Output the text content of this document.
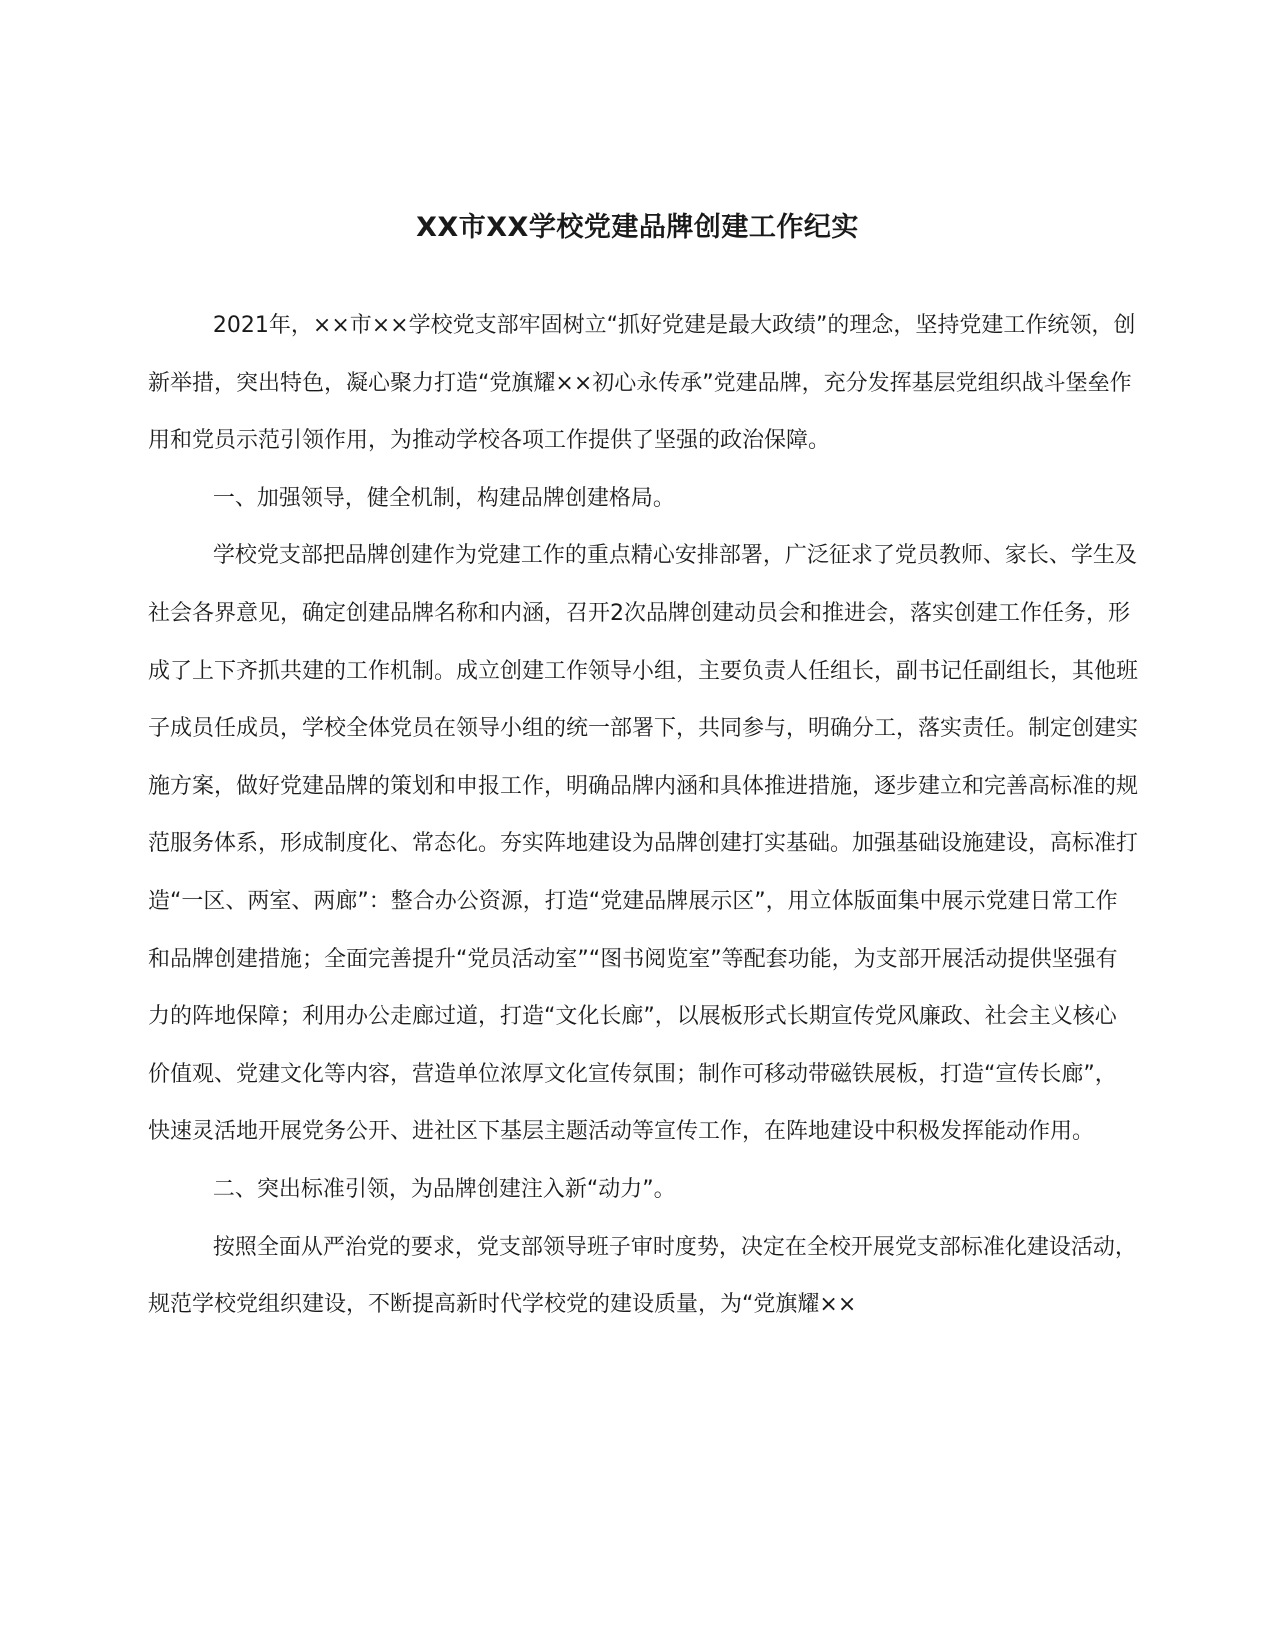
XX市XX学校党建品牌创建工作纪实

2021年，××市××学校党支部牢固树立“抓好党建是最大政绩”的理念，坚持党建工作统领，创新举措，突出特色，凝心聚力打造“党旗耀××初心永传承”党建品牌，充分发挥基层党组织战斗堡垒作用和党员示范引领作用，为推动学校各项工作提供了坚强的政治保障。

一、加强领导，健全机制，构建品牌创建格局。

学校党支部把品牌创建作为党建工作的重点精心安排部署，广泛征求了党员教师、家长、学生及社会各界意见，确定创建品牌名称和内涵，召开2次品牌创建动员会和推进会，落实创建工作任务，形成了上下齐抓共建的工作机制。成立创建工作领导小组，主要负责人任组长，副书记任副组长，其他班子成员任成员，学校全体党员在领导小组的统一部署下，共同参与，明确分工，落实责任。制定创建实施方案，做好党建品牌的策划和申报工作，明确品牌内涵和具体推进措施，逐步建立和完善高标准的规范服务体系，形成制度化、常态化。夯实阵地建设为品牌创建打实基础。加强基础设施建设，高标准打造“一区、两室、两廊”：整合办公资源，打造“党建品牌展示区”，用立体版面集中展示党建日常工作和品牌创建措施；全面完善提升“党员活动室”“图书阅览室”等配套功能，为支部开展活动提供坚强有力的阵地保障；利用办公走廊过道，打造“文化长廊”，以展板形式长期宣传党风廉政、社会主义核心价值观、党建文化等内容，营造单位浓厚文化宣传氛围；制作可移动带磁铁展板，打造“宣传长廊”，快速灵活地开展党务公开、进社区下基层主题活动等宣传工作，在阵地建设中积极发挥能动作用。

二、突出标准引领，为品牌创建注入新“动力”。

按照全面从严治党的要求，党支部领导班子审时度势，决定在全校开展党支部标准化建设活动，规范学校党组织建设，不断提高新时代学校党的建设质量，为“党旗耀××
